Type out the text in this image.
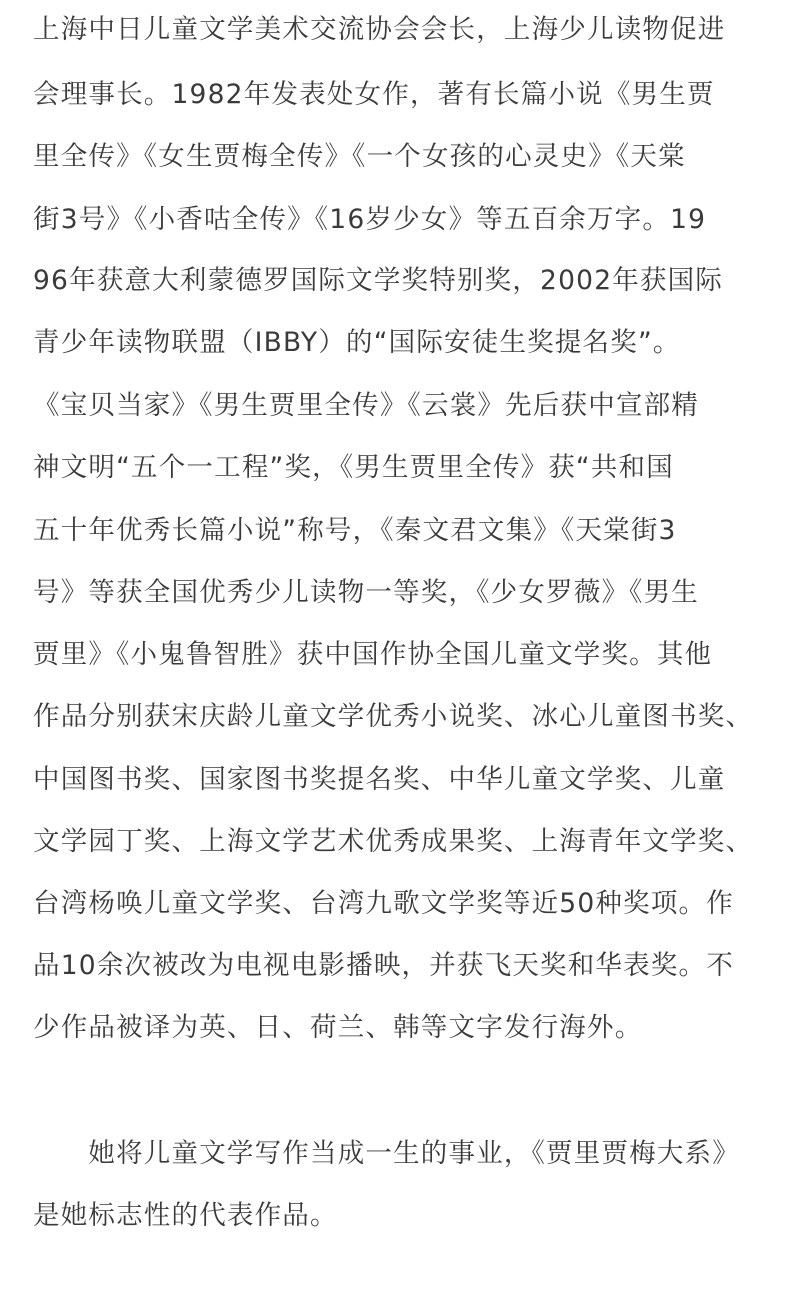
上海中日儿童文学美术交流协会会长，上海少儿读物促进
会理事长。1982年发表处女作，著有长篇小说《男生贾
里全传》《女生贾梅全传》《一个女孩的心灵史》《天棠
街3号》《小香咕全传》《16岁少女》等五百余万字。19
96年获意大利蒙德罗国际文学奖特别奖，2002年获国际
青少年读物联盟（IBBY）的“国际安徒生奖提名奖”。
《宝贝当家》《男生贾里全传》《云裳》先后获中宣部精
神文明“五个一工程”奖，《男生贾里全传》获“共和国
五十年优秀长篇小说”称号，《秦文君文集》《天棠街3
号》等获全国优秀少儿读物一等奖，《少女罗薇》《男生
贾里》《小鬼鲁智胜》获中国作协全国儿童文学奖。其他
作品分别获宋庆龄儿童文学优秀小说奖、冰心儿童图书奖、
中国图书奖、国家图书奖提名奖、中华儿童文学奖、儿童
文学园丁奖、上海文学艺术优秀成果奖、上海青年文学奖、
台湾杨唤儿童文学奖、台湾九歌文学奖等近50种奖项。作
品10余次被改为电视电影播映，并获飞天奖和华表奖。不
少作品被译为英、日、荷兰、韩等文字发行海外。
　　她将儿童文学写作当成一生的事业，《贾里贾梅大系》
是她标志性的代表作品。
